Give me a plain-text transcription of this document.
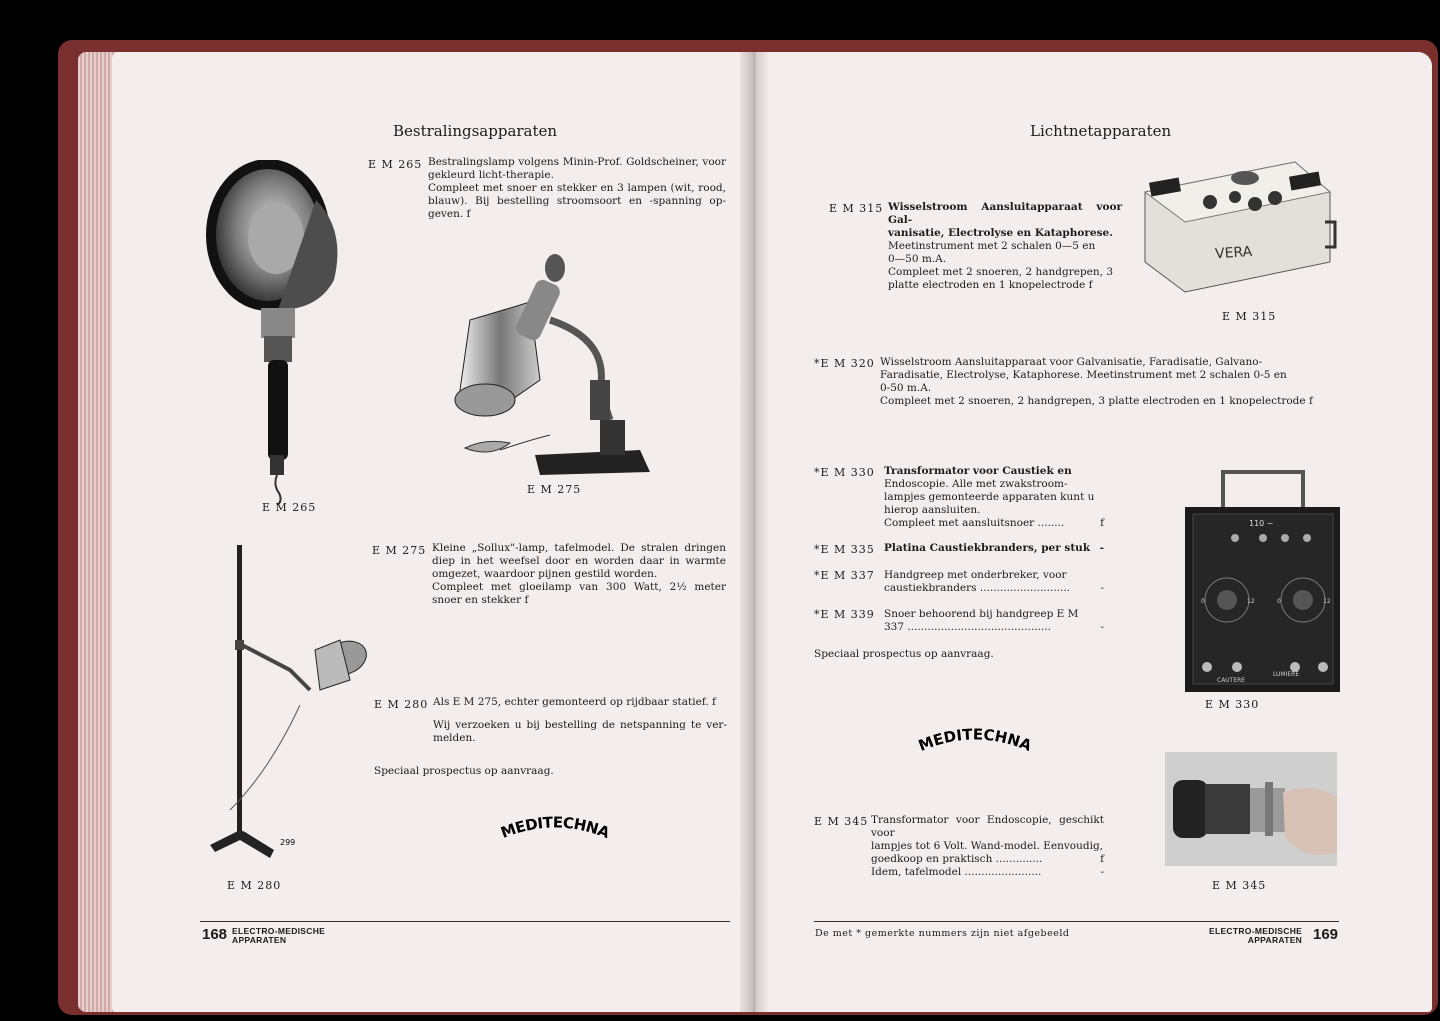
Bestralingsapparaten
E M 265
E M 265 Bestralingslamp volgens Minin-Prof. Goldscheiner, voor gekleurd licht-therapie.
Compleet met snoer en stekker en 3 lampen (wit, rood, blauw). Bij bestelling stroomsoort en -spanning op-geven. f
E M 275
E M 275 Kleine „Sollux"-lamp, tafelmodel. De stralen dringen diep in het weefsel door en worden daar in warmte omgezet, waardoor pijnen gestild worden.
Compleet met gloeilamp van 300 Watt, 2½ meter snoer en stekker f
299
E M 280
E M 280 Als E M 275, echter gemonteerd op rijdbaar statief. f
Wij verzoeken u bij bestelling de netspanning te ver-melden.
Speciaal prospectus op aanvraag.
MEDITECHNA
168 ELECTRO-MEDISCHE
APPARATEN
Lichtnetapparaten
VERA
E M 315
E M 315 Wisselstroom Aansluitapparaat voor Gal-
vanisatie, Electrolyse en Kataphorese.
Meetinstrument met 2 schalen 0—5 en
0—50 m.A.
Compleet met 2 snoeren, 2 handgrepen, 3
platte electroden en 1 knopelectrode f
*E M 320 Wisselstroom Aansluitapparaat voor Galvanisatie, Faradisatie, Galvano-
Faradisatie, Electrolyse, Kataphorese. Meetinstrument met 2 schalen 0-5 en
0-50 m.A.
Compleet met 2 snoeren, 2 handgrepen, 3 platte electroden en 1 knopelectrode f
*E M 330 Transformator voor Caustiek en
Endoscopie. Alle met zwakstroom-
lampjes gemonteerde apparaten kunt u
hierop aansluiten.
Compleet met aansluitsnoer ........	f
*E M 335 Platina Caustiekbranders, per stuk -
*E M 337 Handgreep met onderbreker, voor
caustiekbranders ...........................	-
*E M 339 Snoer behoorend bij handgreep E M
337 ...........................................	-
Speciaal prospectus op aanvraag.
110 ~
0	12	0	12
CAUTERE
LUMIERE
E M 330
MEDITECHNA
E M 345
E M 345 Transformator voor Endoscopie, geschikt voor
lampjes tot 6 Volt. Wand-model. Eenvoudig,
goedkoop en praktisch ..............	f
Idem, tafelmodel .......................	-
De met * gemerkte nummers zijn niet afgebeeld	ELECTRO-MEDISCHE
APPARATEN 169
